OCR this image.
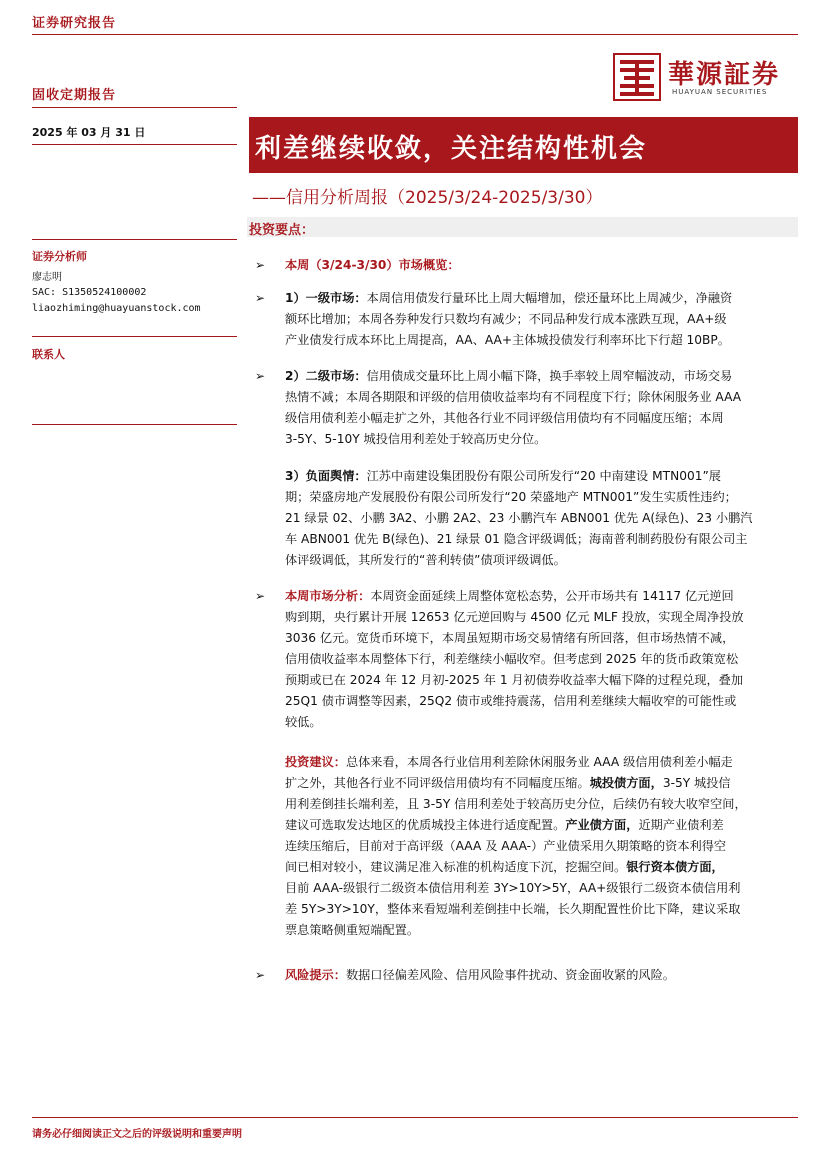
证券研究报告
固收定期报告
華源証券
HUAYUAN SECURITIES
2025 年 03 月 31 日
利差继续收敛，关注结构性机会
——信用分析周报（2025/3/24-2025/3/30）
投资要点：
证券分析师
廖志明
SAC: S1350524100002
liaozhiming@huayuanstock.com
联系人
➢ 本周（3/24-3/30）市场概览：
➢ 1）一级市场：本周信用债发行量环比上周大幅增加，偿还量环比上周减少，净融资
额环比增加；本周各券种发行只数均有减少；不同品种发行成本涨跌互现，AA+级
产业债发行成本环比上周提高，AA、AA+主体城投债发行利率环比下行超 10BP。
➢ 2）二级市场：信用债成交量环比上周小幅下降，换手率较上周窄幅波动，市场交易
热情不减；本周各期限和评级的信用债收益率均有不同程度下行；除休闲服务业 AAA
级信用债利差小幅走扩之外，其他各行业不同评级信用债均有不同幅度压缩；本周
3-5Y、5-10Y 城投信用利差处于较高历史分位。
3）负面舆情：江苏中南建设集团股份有限公司所发行“20 中南建设 MTN001”展
期；荣盛房地产发展股份有限公司所发行“20 荣盛地产 MTN001”发生实质性违约；
21 绿景 02、小鹏 3A2、小鹏 2A2、23 小鹏汽车 ABN001 优先 A(绿色)、23 小鹏汽
车 ABN001 优先 B(绿色)、21 绿景 01 隐含评级调低；海南普利制药股份有限公司主
体评级调低，其所发行的“普利转债”债项评级调低。
➢ 本周市场分析：本周资金面延续上周整体宽松态势，公开市场共有 14117 亿元逆回
购到期，央行累计开展 12653 亿元逆回购与 4500 亿元 MLF 投放，实现全周净投放
3036 亿元。宽货币环境下，本周虽短期市场交易情绪有所回落，但市场热情不减，
信用债收益率本周整体下行，利差继续小幅收窄。但考虑到 2025 年的货币政策宽松
预期或已在 2024 年 12 月初-2025 年 1 月初债券收益率大幅下降的过程兑现，叠加
25Q1 债市调整等因素，25Q2 债市或维持震荡，信用利差继续大幅收窄的可能性或
较低。
投资建议：总体来看，本周各行业信用利差除休闲服务业 AAA 级信用债利差小幅走
扩之外，其他各行业不同评级信用债均有不同幅度压缩。城投债方面，3-5Y 城投信
用利差倒挂长端利差，且 3-5Y 信用利差处于较高历史分位，后续仍有较大收窄空间，
建议可选取发达地区的优质城投主体进行适度配置。产业债方面，近期产业债利差
连续压缩后，目前对于高评级（AAA 及 AAA-）产业债采用久期策略的资本利得空
间已相对较小，建议满足准入标准的机构适度下沉，挖掘空间。银行资本债方面，
目前 AAA-级银行二级资本债信用利差 3Y>10Y>5Y，AA+级银行二级资本债信用利
差 5Y>3Y>10Y，整体来看短端利差倒挂中长端，长久期配置性价比下降，建议采取
票息策略侧重短端配置。
➢ 风险提示：数据口径偏差风险、信用风险事件扰动、资金面收紧的风险。
请务必仔细阅读正文之后的评级说明和重要声明
